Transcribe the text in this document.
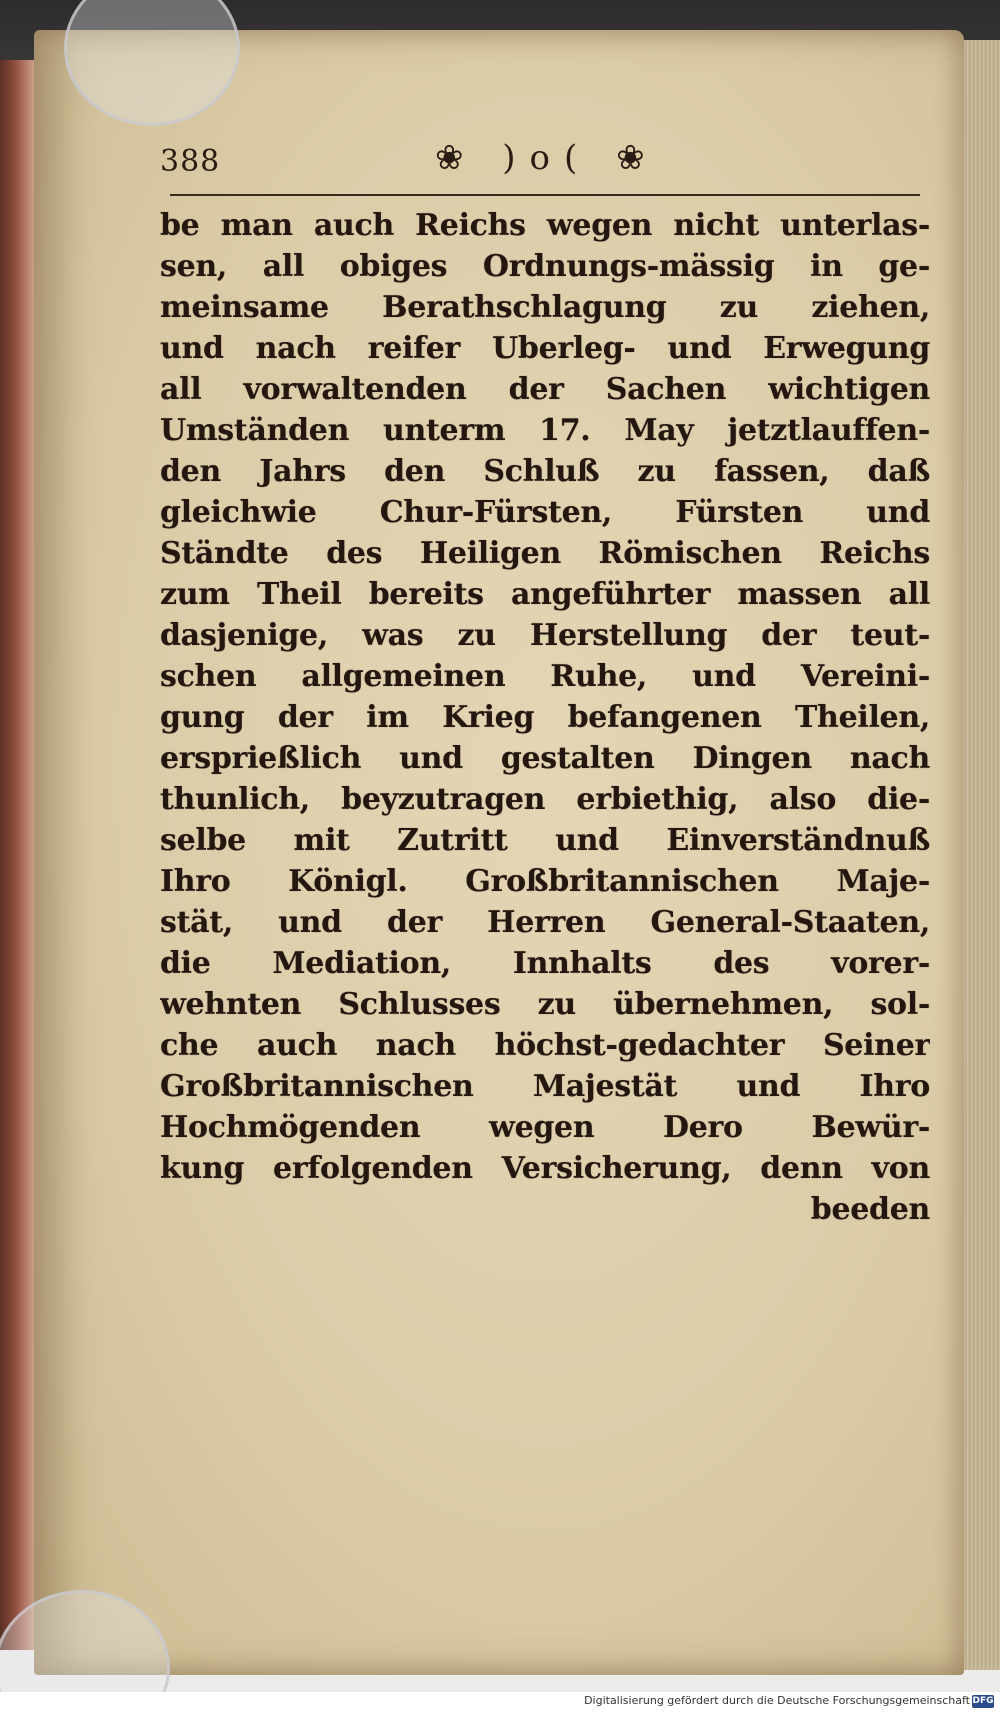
388	❀ )o( ❀
be man auch Reichs wegen nicht unterlas-
sen, all obiges Ordnungs-mässig in ge-
meinsame Berathschlagung zu ziehen,
und nach reifer Uberleg- und Erwegung
all vorwaltenden der Sachen wichtigen
Umständen unterm 17. May jetztlauffen-
den Jahrs den Schluß zu fassen, daß
gleichwie Chur-Fürsten, Fürsten und
Ständte des Heiligen Römischen Reichs
zum Theil bereits angeführter massen all
dasjenige, was zu Herstellung der teut-
schen allgemeinen Ruhe, und Vereini-
gung der im Krieg befangenen Theilen,
ersprießlich und gestalten Dingen nach
thunlich, beyzutragen erbiethig, also die-
selbe mit Zutritt und Einverständnuß
Ihro Königl. Großbritannischen Maje-
stät, und der Herren General-Staaten,
die Mediation, Innhalts des vorer-
wehnten Schlusses zu übernehmen, sol-
che auch nach höchst-gedachter Seiner
Großbritannischen Majestät und Ihro
Hochmögenden wegen Dero Bewür-
kung erfolgenden Versicherung, denn von
beeden
Digitalisierung gefördert durch die Deutsche Forschungsgemeinschaft DFG
